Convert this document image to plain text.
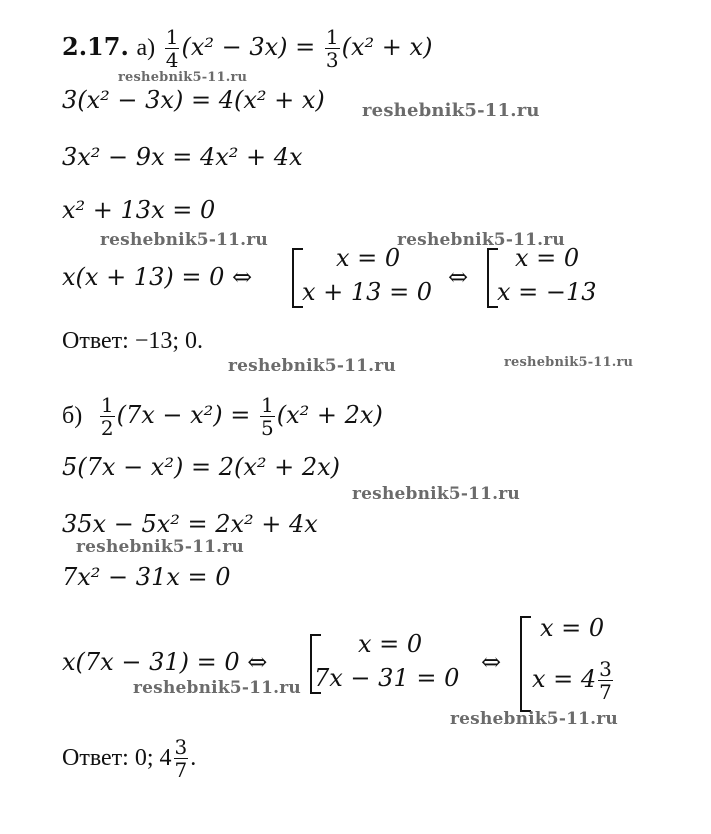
2.17. $а) \frac{1}{4} (x^2 - 3x) = \frac{1}{3} (x^2 + x)$
reshebnik5-11.ru
3(x² − 3x) = 4(x² + x) reshebnik5-11.ru
3x² − 9x = 4x² + 4x
x² + 13x = 0
reshebnik5-11.ru	reshebnik5-11.ru
x(x + 13) = 0 ⇔
x = 0
x + 13 = 0
⇔
x = 0
x = −13
Ответ: −13; 0.
reshebnik5-11.ru	reshebnik5-11.ru
$б) \frac{1}{2} (7x - x^2) = \frac{1}{5} (x^2 + 2x)$
5(7x − x²) = 2(x² + 2x)
reshebnik5-11.ru
35x − 5x² = 2x² + 4x
reshebnik5-11.ru
7x² − 31x = 0
x(7x − 31) = 0 ⇔
x = 0
7x − 31 = 0
⇔
x = 0
$x = 4 \frac{3}{7}$
reshebnik5-11.ru
reshebnik5-11.ru
Ответ: 0; $4 \frac{3}{7}$ .
